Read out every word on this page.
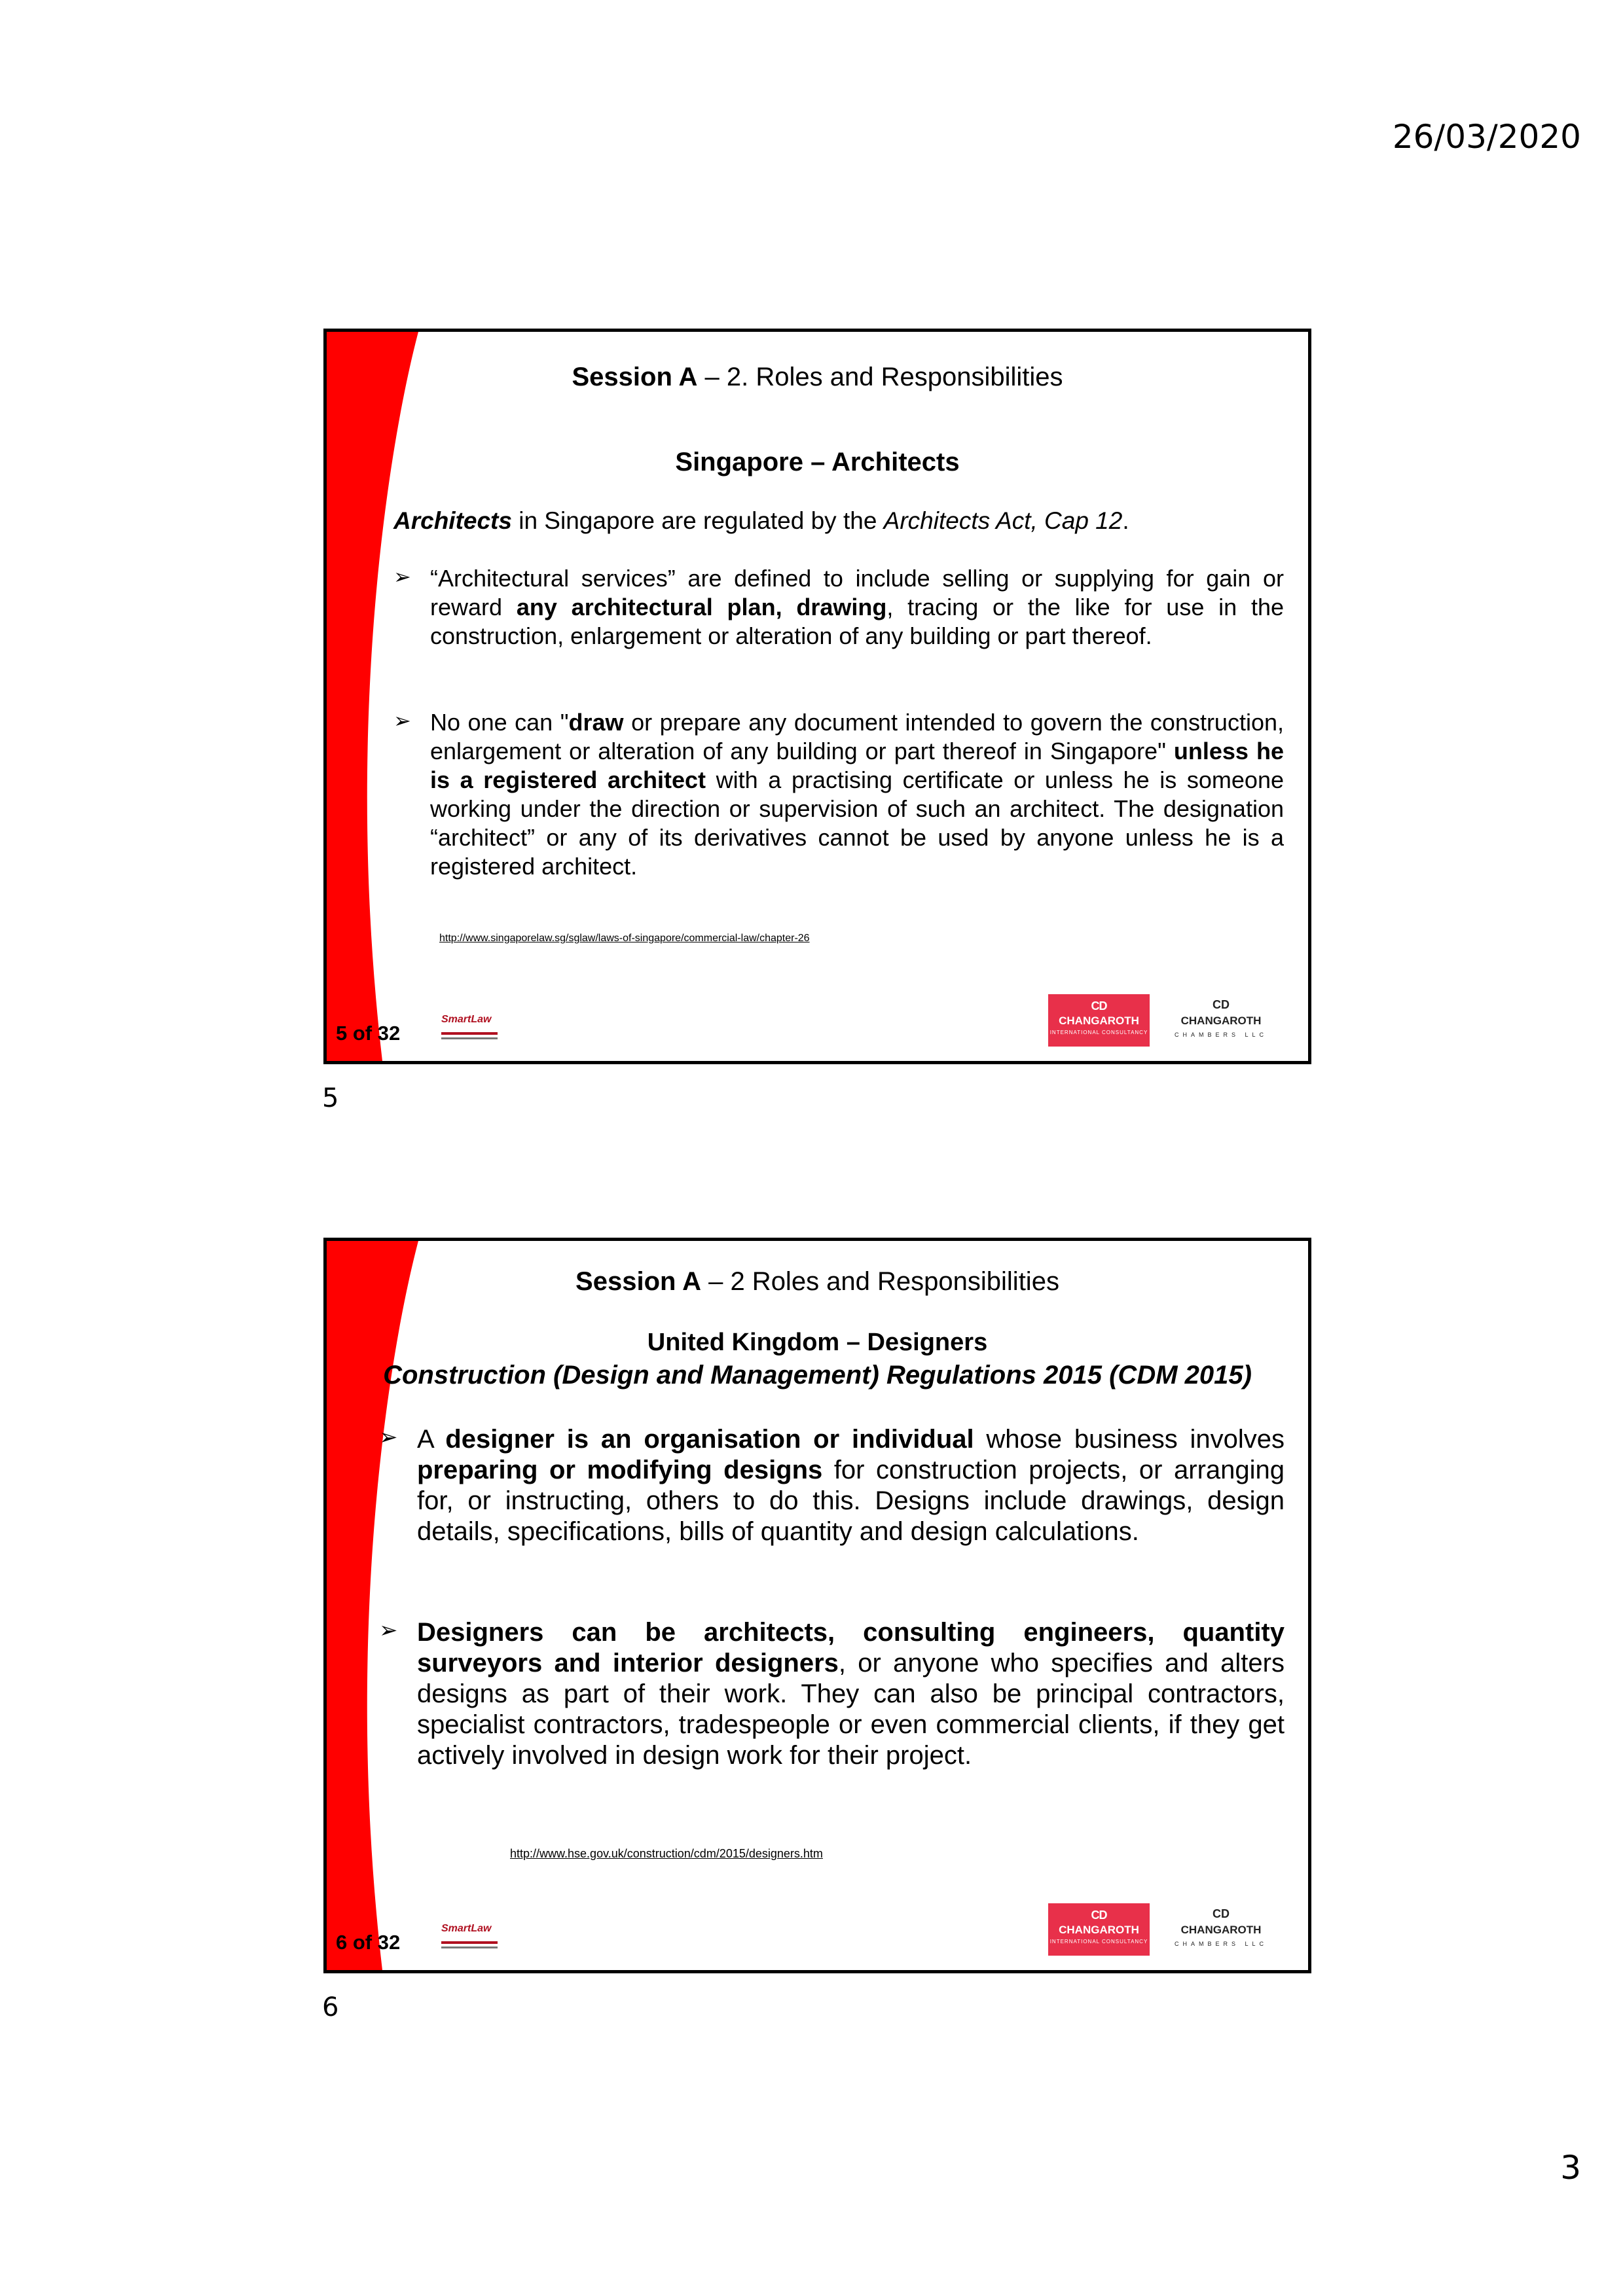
26/03/2020
5 of 32
Session A – 2. Roles and Responsibilities
Singapore – Architects
Architects in Singapore are regulated by the Architects Act, Cap 12.
➢ “Architectural services” are defined to include selling or supplying for gain or reward any architectural plan, drawing, tracing or the like for use in the construction, enlargement or alteration of any building or part thereof.
➢ No one can "draw or prepare any document intended to govern the construction, enlargement or alteration of any building or part thereof in Singapore" unless he is a registered architect with a practising certificate or unless he is someone working under the direction or supervision of such an architect. The designation “architect” or any of its derivatives cannot be used by anyone unless he is a registered architect.
http://www.singaporelaw.sg/sglaw/laws-of-singapore/commercial-law/chapter-26
SmartLaw
CD
CHANGAROTH
INTERNATIONAL CONSULTANCY
CD
CHANGAROTH
CHAMBERS LLC
5
6 of 32
Session A – 2 Roles and Responsibilities
United Kingdom – Designers
Construction (Design and Management) Regulations 2015 (CDM 2015)
➢ A designer is an organisation or individual whose business involves preparing or modifying designs for construction projects, or arranging for, or instructing, others to do this. Designs include drawings, design details, specifications, bills of quantity and design calculations.
➢ Designers can be architects, consulting engineers, quantity surveyors and interior designers, or anyone who specifies and alters designs as part of their work. They can also be principal contractors, specialist contractors, tradespeople or even commercial clients, if they get actively involved in design work for their project.
http://www.hse.gov.uk/construction/cdm/2015/designers.htm
SmartLaw
CD
CHANGAROTH
INTERNATIONAL CONSULTANCY
CD
CHANGAROTH
CHAMBERS LLC
6
3
